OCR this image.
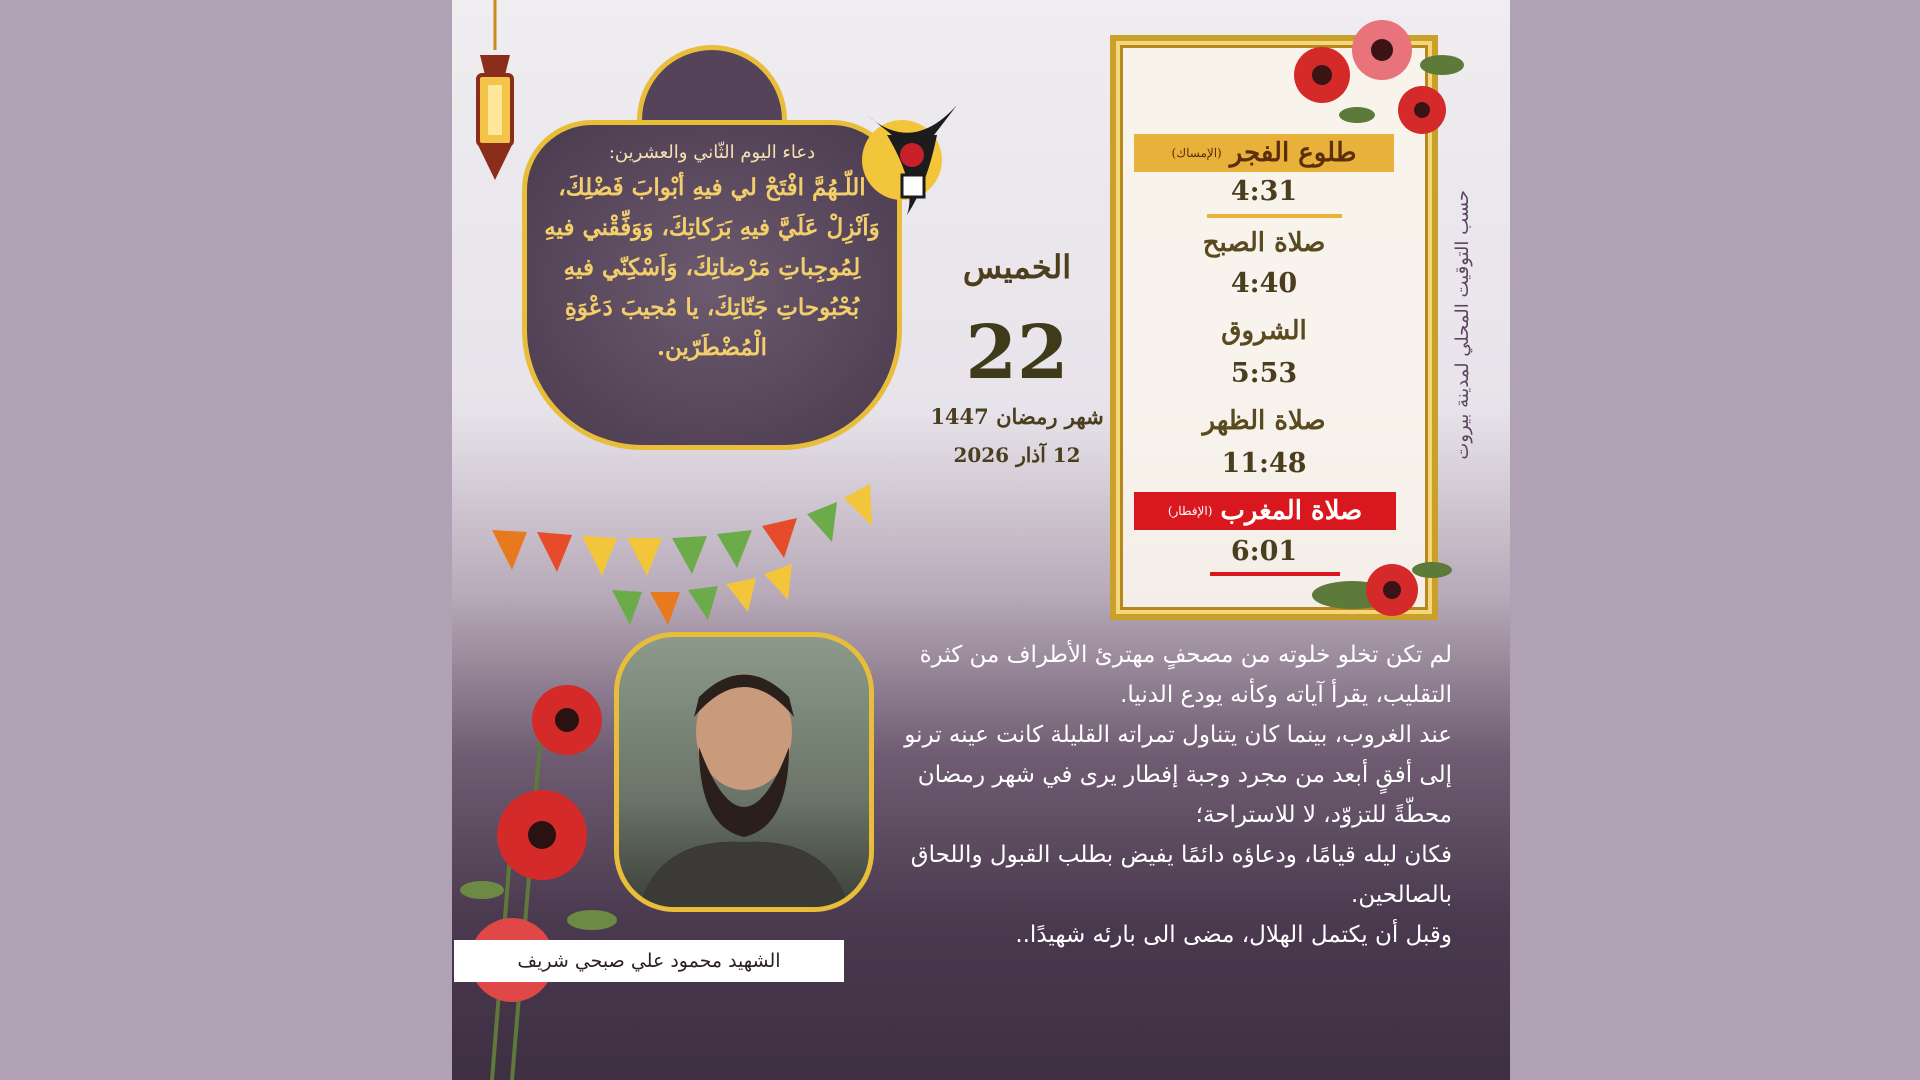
دعاء اليوم الثّاني والعشرين:
اللّـهُمَّ افْتَحْ لي فيهِ أبْوابَ فَضْلِكَ، وَاَنْزِلْ عَلَيَّ فيهِ بَرَكاتِكَ، وَوَفِّقْني فيهِ لِمُوجِباتِ مَرْضاتِكَ، وَاَسْكِنّي فيهِ بُحْبُوحاتِ جَنّاتِكَ، يا مُجيبَ دَعْوَةِ الْمُضْطَرّين.
الخميس
22
شهر رمضان 1447
12 آذار 2026
طلوع الفجر
(الإمساك)
4:31
صلاة الصبح
4:40
الشروق
5:53
صلاة الظهر
11:48
صلاة المغرب
(الإفطار)
6:01
حسب التوقيت المحلي لمدينة بيروت

لم تكن تخلو خلوته من مصحفٍ مهترئ الأطراف من كثرة التقليب، يقرأ آياته وكأنه يودع الدنيا.

عند الغروب، بينما كان يتناول تمراته القليلة كانت عينه ترنو إلى أفقٍ أبعد من مجرد وجبة إفطار يرى في شهر رمضان محطّةً للتزوّد، لا للاستراحة؛

فكان ليله قيامًا، ودعاؤه دائمًا يفيض بطلب القبول واللحاق بالصالحين.

وقبل أن يكتمل الهلال، مضى الى بارئه شهيدًا..

الشهيد محمود علي صبحي شريف
